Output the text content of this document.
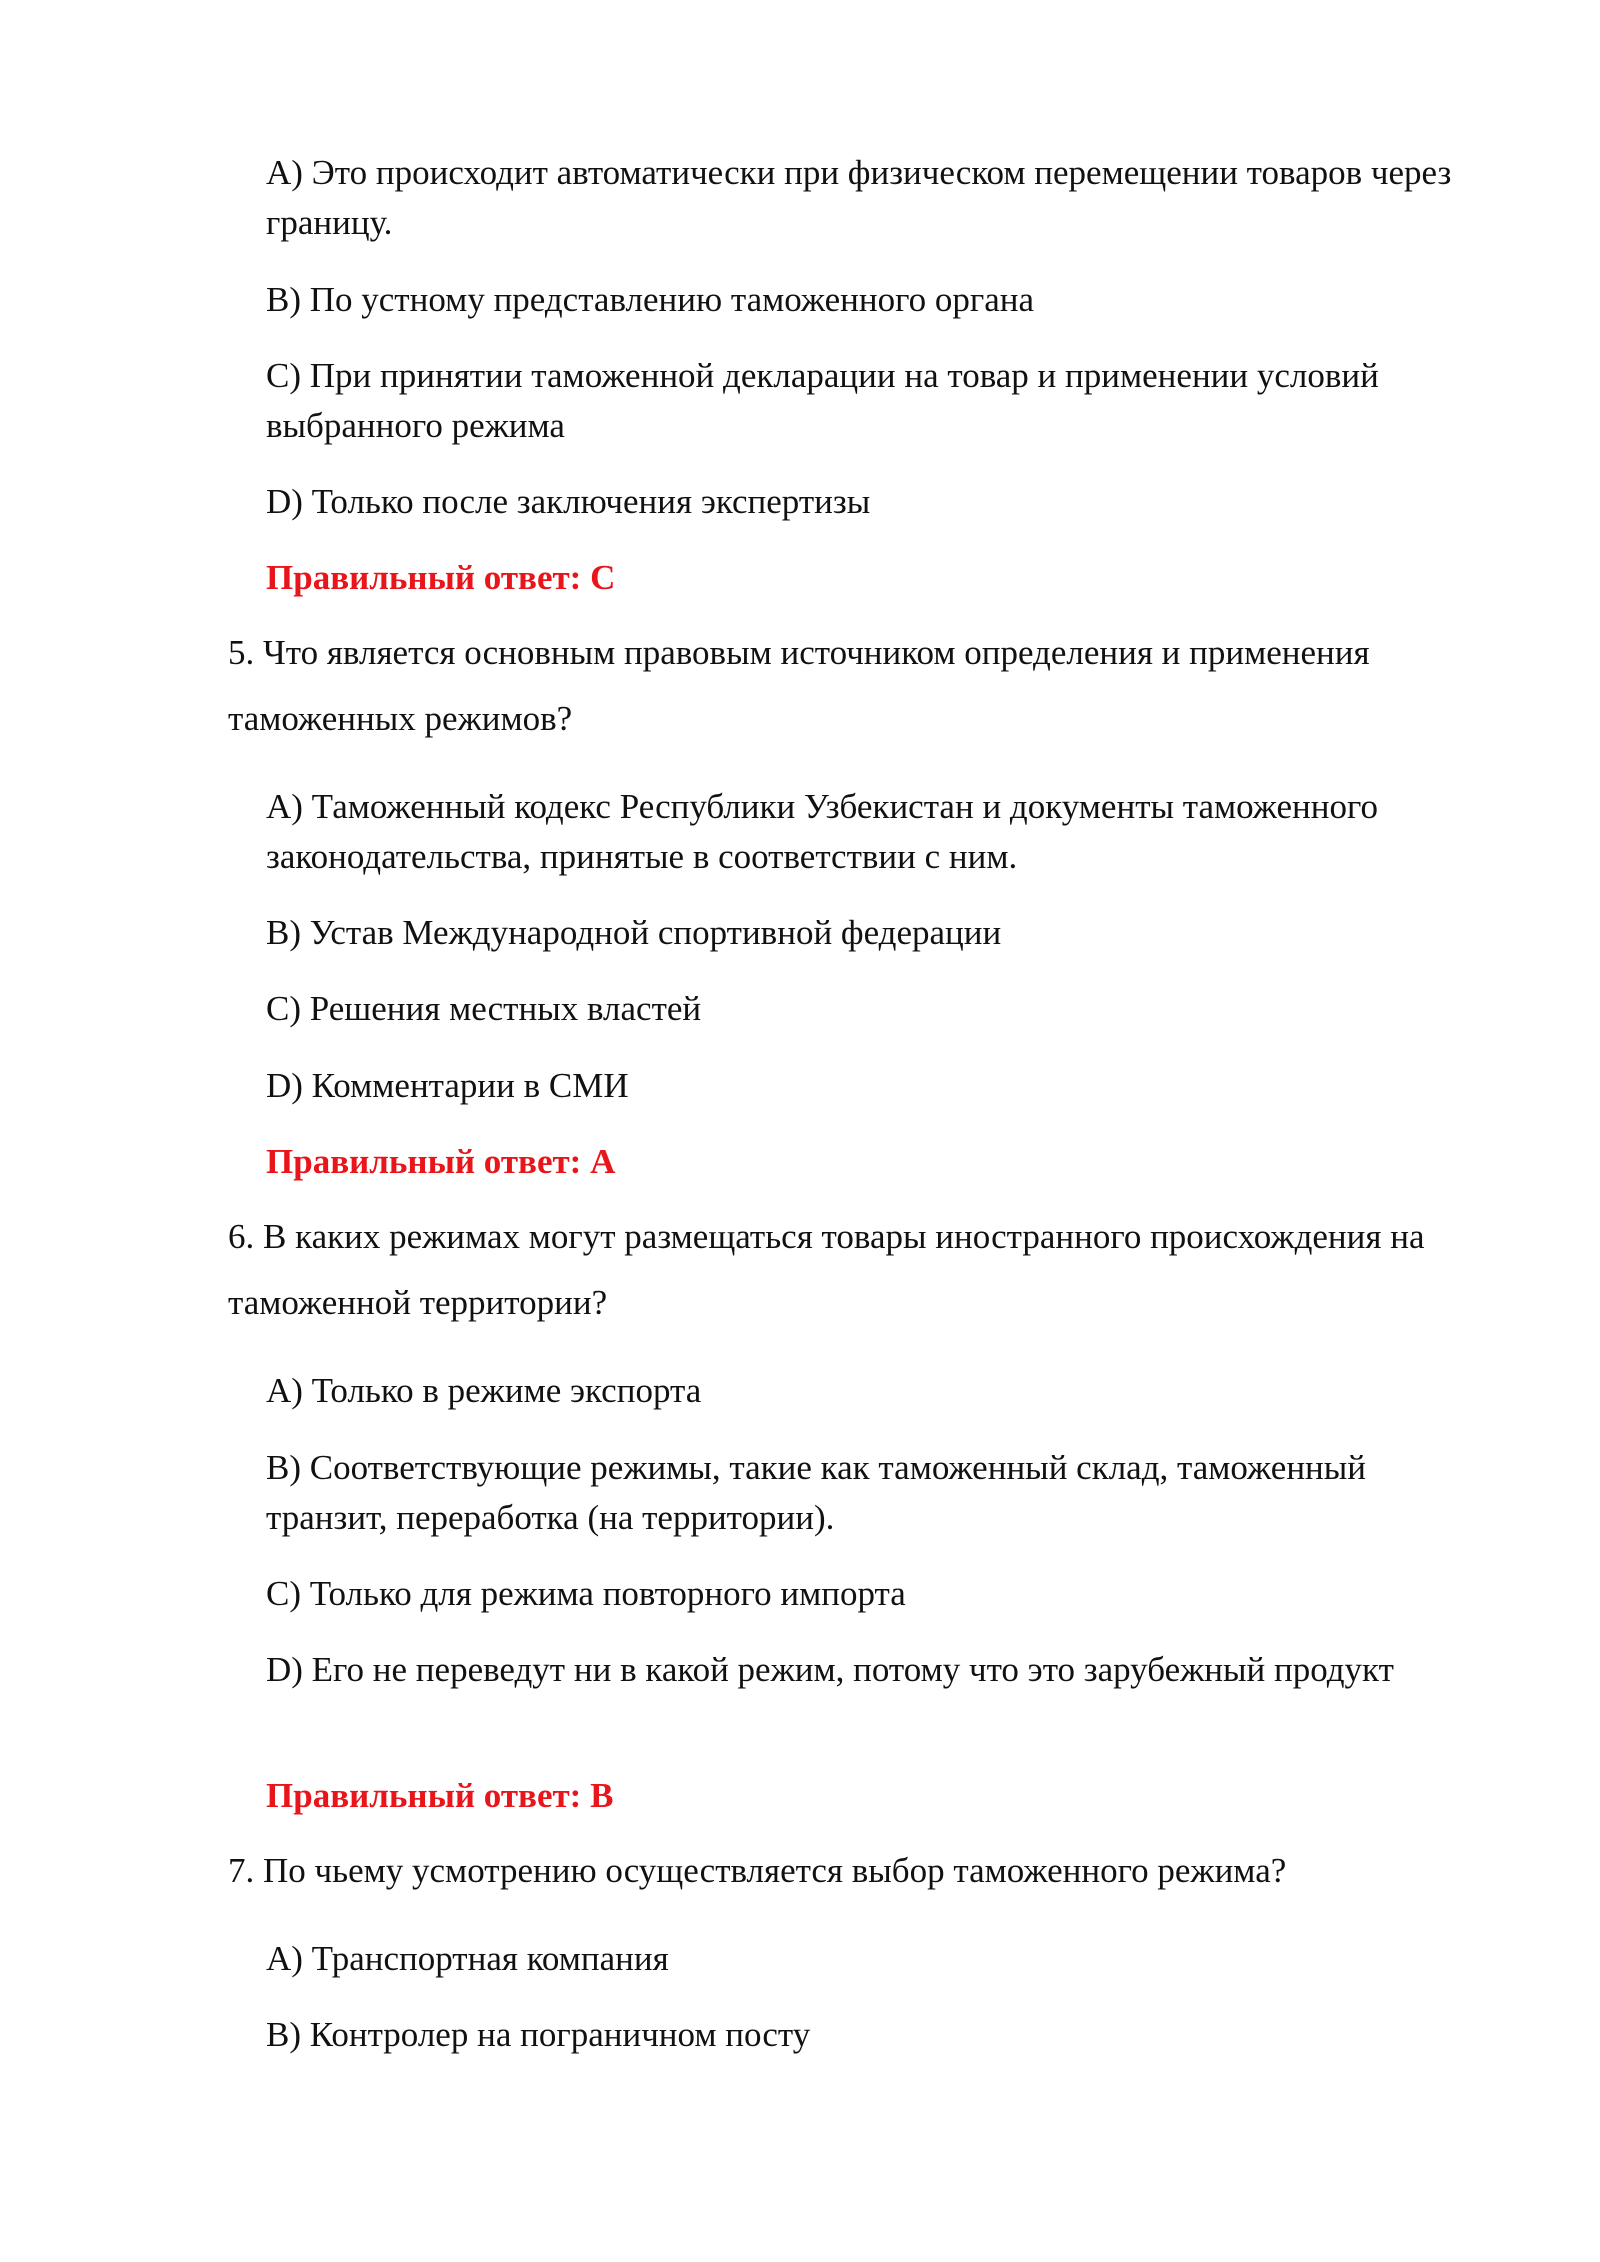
A) Это происходит автоматически при физическом перемещении товаров через границу.

B) По устному представлению таможенного органа

C) При принятии таможенной декларации на товар и применении условий выбранного режима

D) Только после заключения экспертизы

Правильный ответ: C

5. Что является основным правовым источником определения и применения таможенных режимов?

A) Таможенный кодекс Республики Узбекистан и документы таможенного законодательства, принятые в соответствии с ним.

B) Устав Международной спортивной федерации

C) Решения местных властей

D) Комментарии в СМИ

Правильный ответ: A

6. В каких режимах могут размещаться товары иностранного происхождения на таможенной территории?

A) Только в режиме экспорта

B) Соответствующие режимы, такие как таможенный склад, таможенный транзит, переработка (на территории).

C) Только для режима повторного импорта

D) Его не переведут ни в какой режим, потому что это зарубежный продукт

Правильный ответ: B

7. По чьему усмотрению осуществляется выбор таможенного режима?

A) Транспортная компания

B) Контролер на пограничном посту
